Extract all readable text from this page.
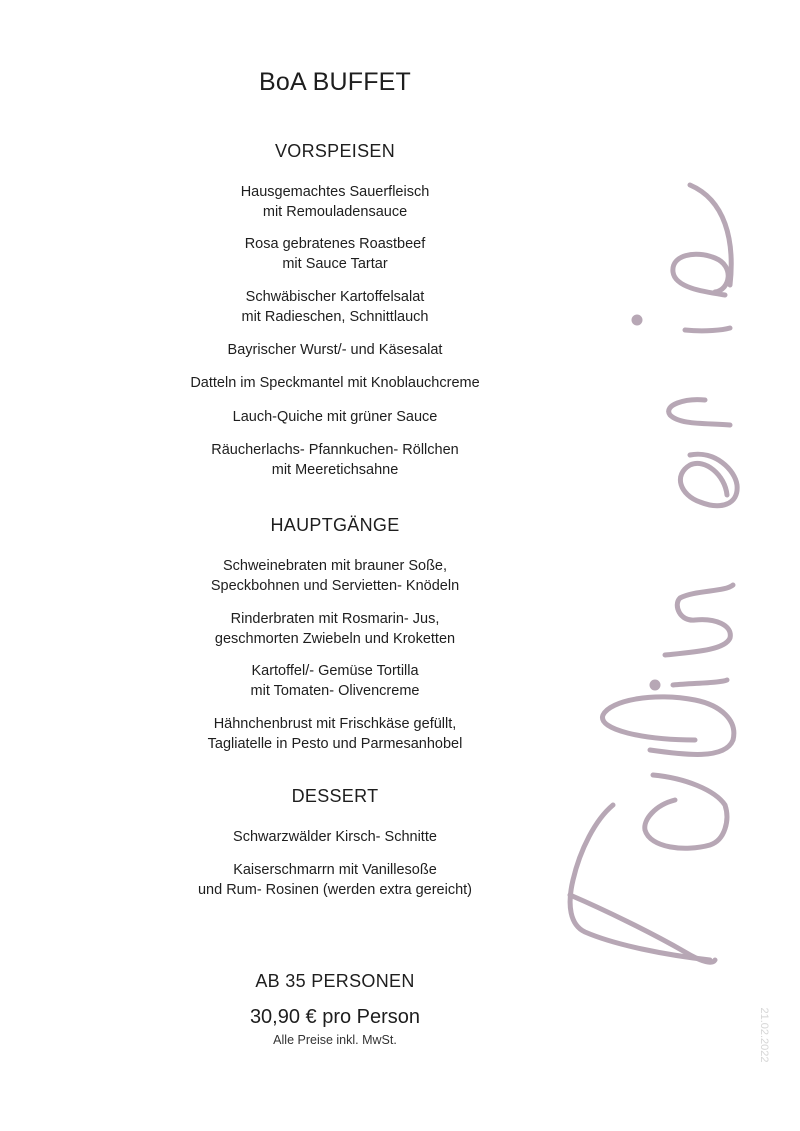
BoA BUFFET
VORSPEISEN
Hausgemachtes Sauerfleisch
mit Remouladensauce
Rosa gebratenes Roastbeef
mit Sauce Tartar
Schwäbischer Kartoffelsalat
mit Radieschen, Schnittlauch
Bayrischer Wurst/- und Käsesalat
Datteln im Speckmantel mit Knoblauchcreme
Lauch-Quiche mit grüner Sauce
Räucherlachs- Pfannkuchen- Röllchen
mit Meeretichsahne
HAUPTGÄNGE
Schweinebraten mit brauner Soße,
Speckbohnen und Servietten- Knödeln
Rinderbraten mit Rosmarin- Jus,
geschmorten Zwiebeln und Kroketten
Kartoffel/- Gemüse Tortilla
mit Tomaten- Olivencreme
Hähnchenbrust mit Frischkäse gefüllt,
Tagliatelle in Pesto und Parmesanhobel
DESSERT
Schwarzwälder Kirsch- Schnitte
Kaiserschmarrn mit Vanillesoße
und Rum- Rosinen (werden extra gereicht)
AB 35 PERSONEN
30,90 € pro Person
Alle Preise inkl. MwSt.	21.02.2022
